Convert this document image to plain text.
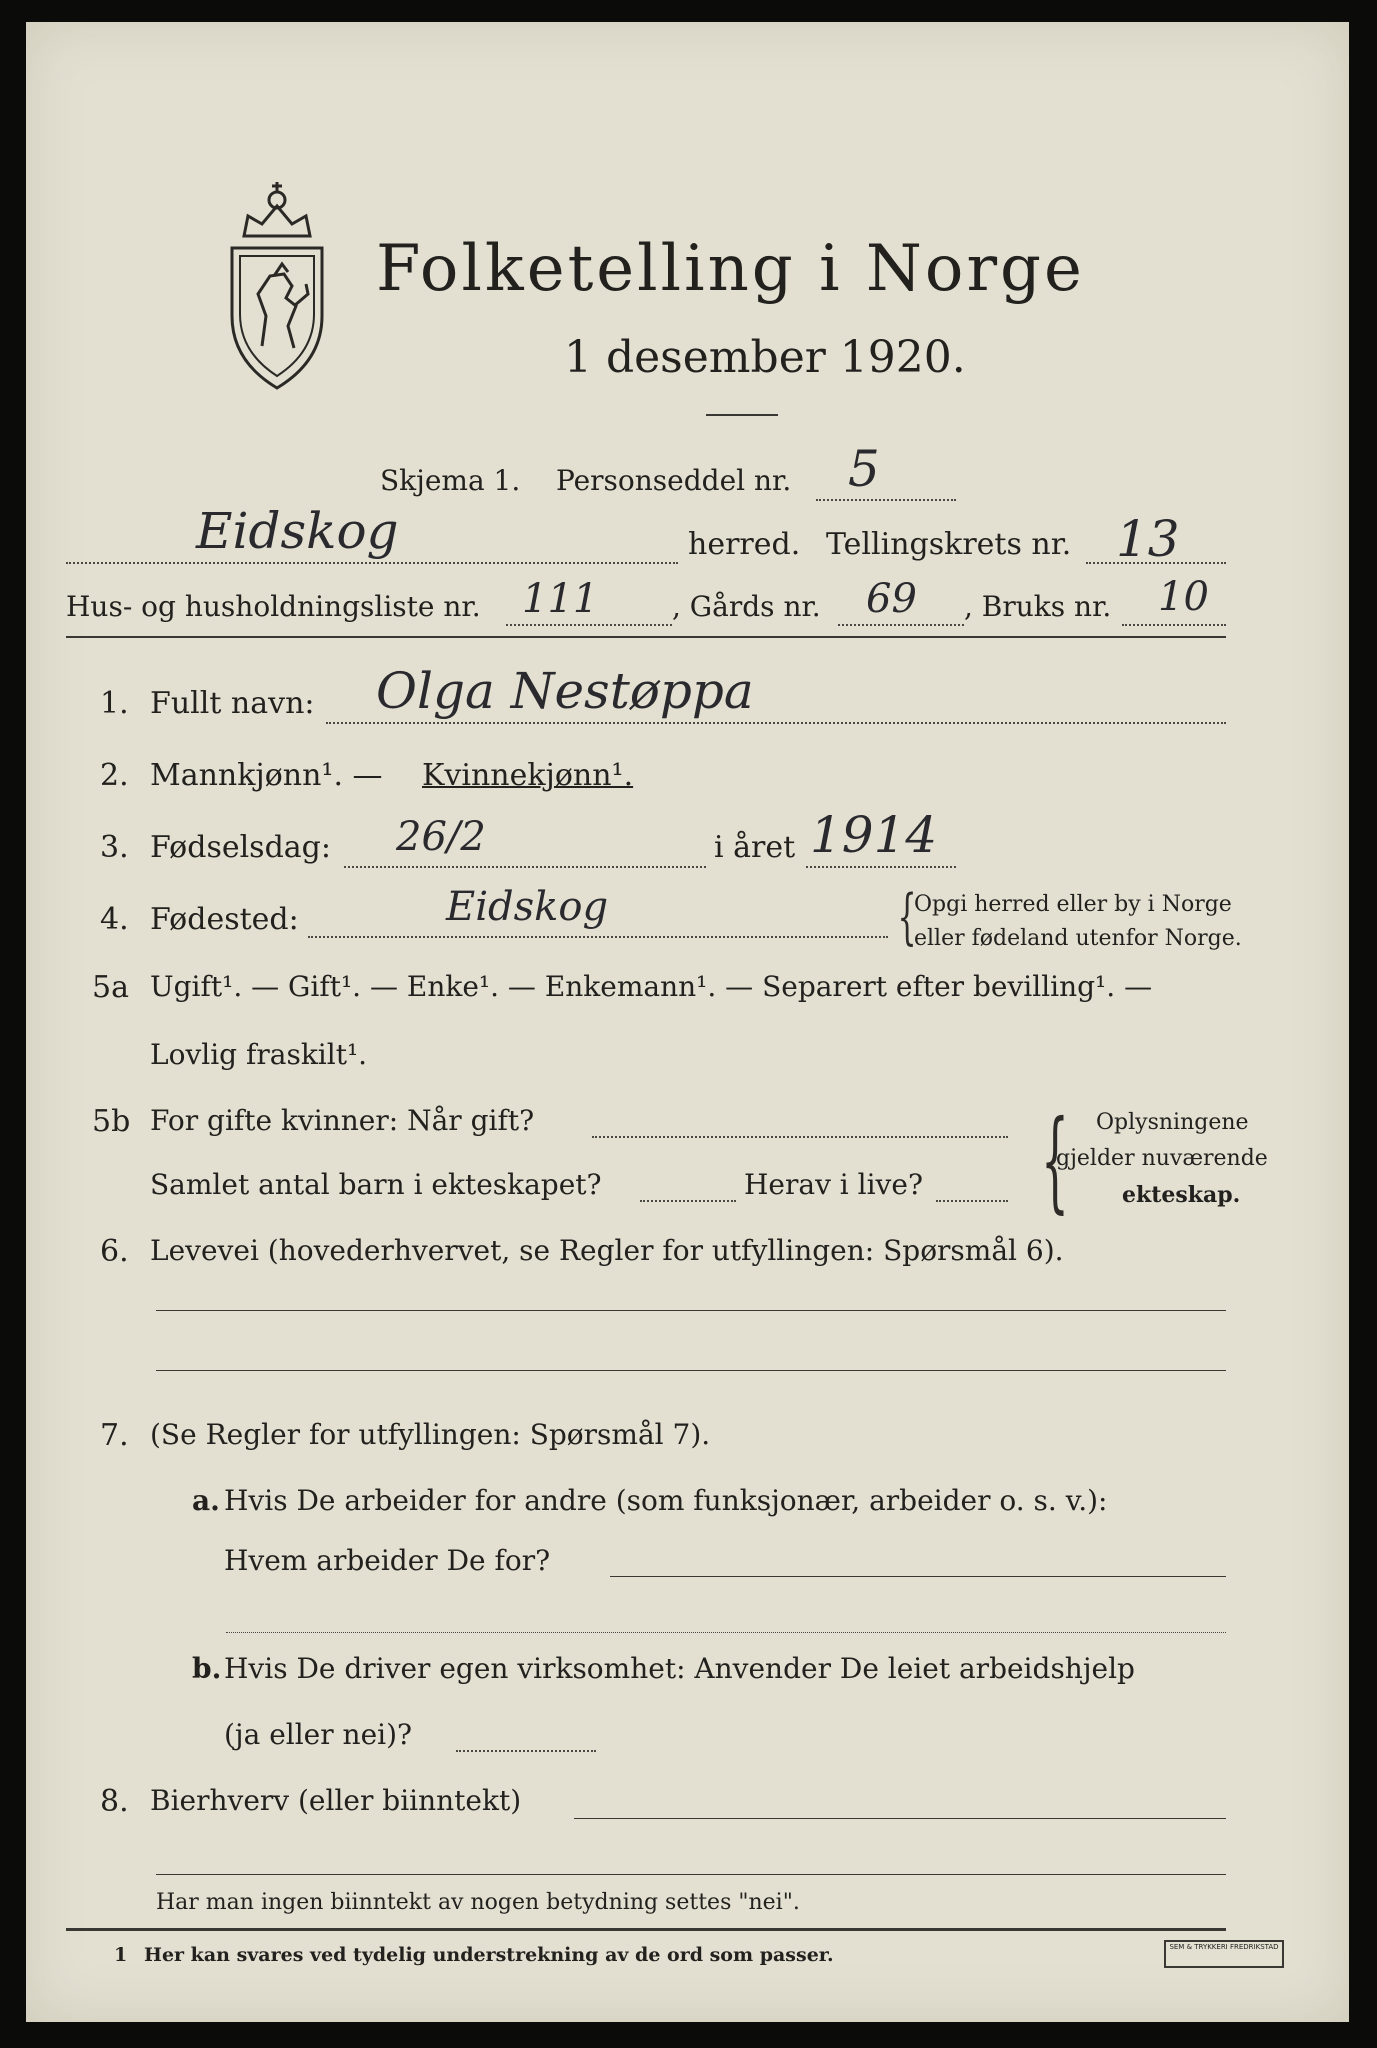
Folketelling i Norge
1 desember 1920.
Skjema 1. Personseddel nr. 5
Eidskog	herred. Tellingskrets nr. 13
Hus- og husholdningsliste nr. 111	, Gårds nr. 69 , Bruks nr. 10
1. Fullt navn: Olga Nestøppa
2. Mannkjønn¹. — Kvinnekjønn¹.
3. Fødselsdag: 26/2	i året 1914
4. Fødested:	Eidskog	{
Opgi herred eller by i Norge
eller fødeland utenfor Norge.
5a Ugift¹. — Gift¹. — Enke¹. — Enkemann¹. — Separert efter bevilling¹. —
Lovlig fraskilt¹.
5b For gifte kvinner: Når gift?
Samlet antal barn i ekteskapet?	Herav i live? { Oplysningene
gjelder nuværende
ekteskap.
6. Levevei (hovederhvervet, se Regler for utfyllingen: Spørsmål 6).
7. (Se Regler for utfyllingen: Spørsmål 7).
a. Hvis De arbeider for andre (som funksjonær, arbeider o. s. v.):
Hvem arbeider De for?
b. Hvis De driver egen virksomhet: Anvender De leiet arbeidshjelp
(ja eller nei)?
8. Bierhverv (eller biinntekt)
Har man ingen biinntekt av nogen betydning settes "nei".
1 Her kan svares ved tydelig understrekning av de ord som passer.	SEM & TRYKKERI FREDRIKSTAD
